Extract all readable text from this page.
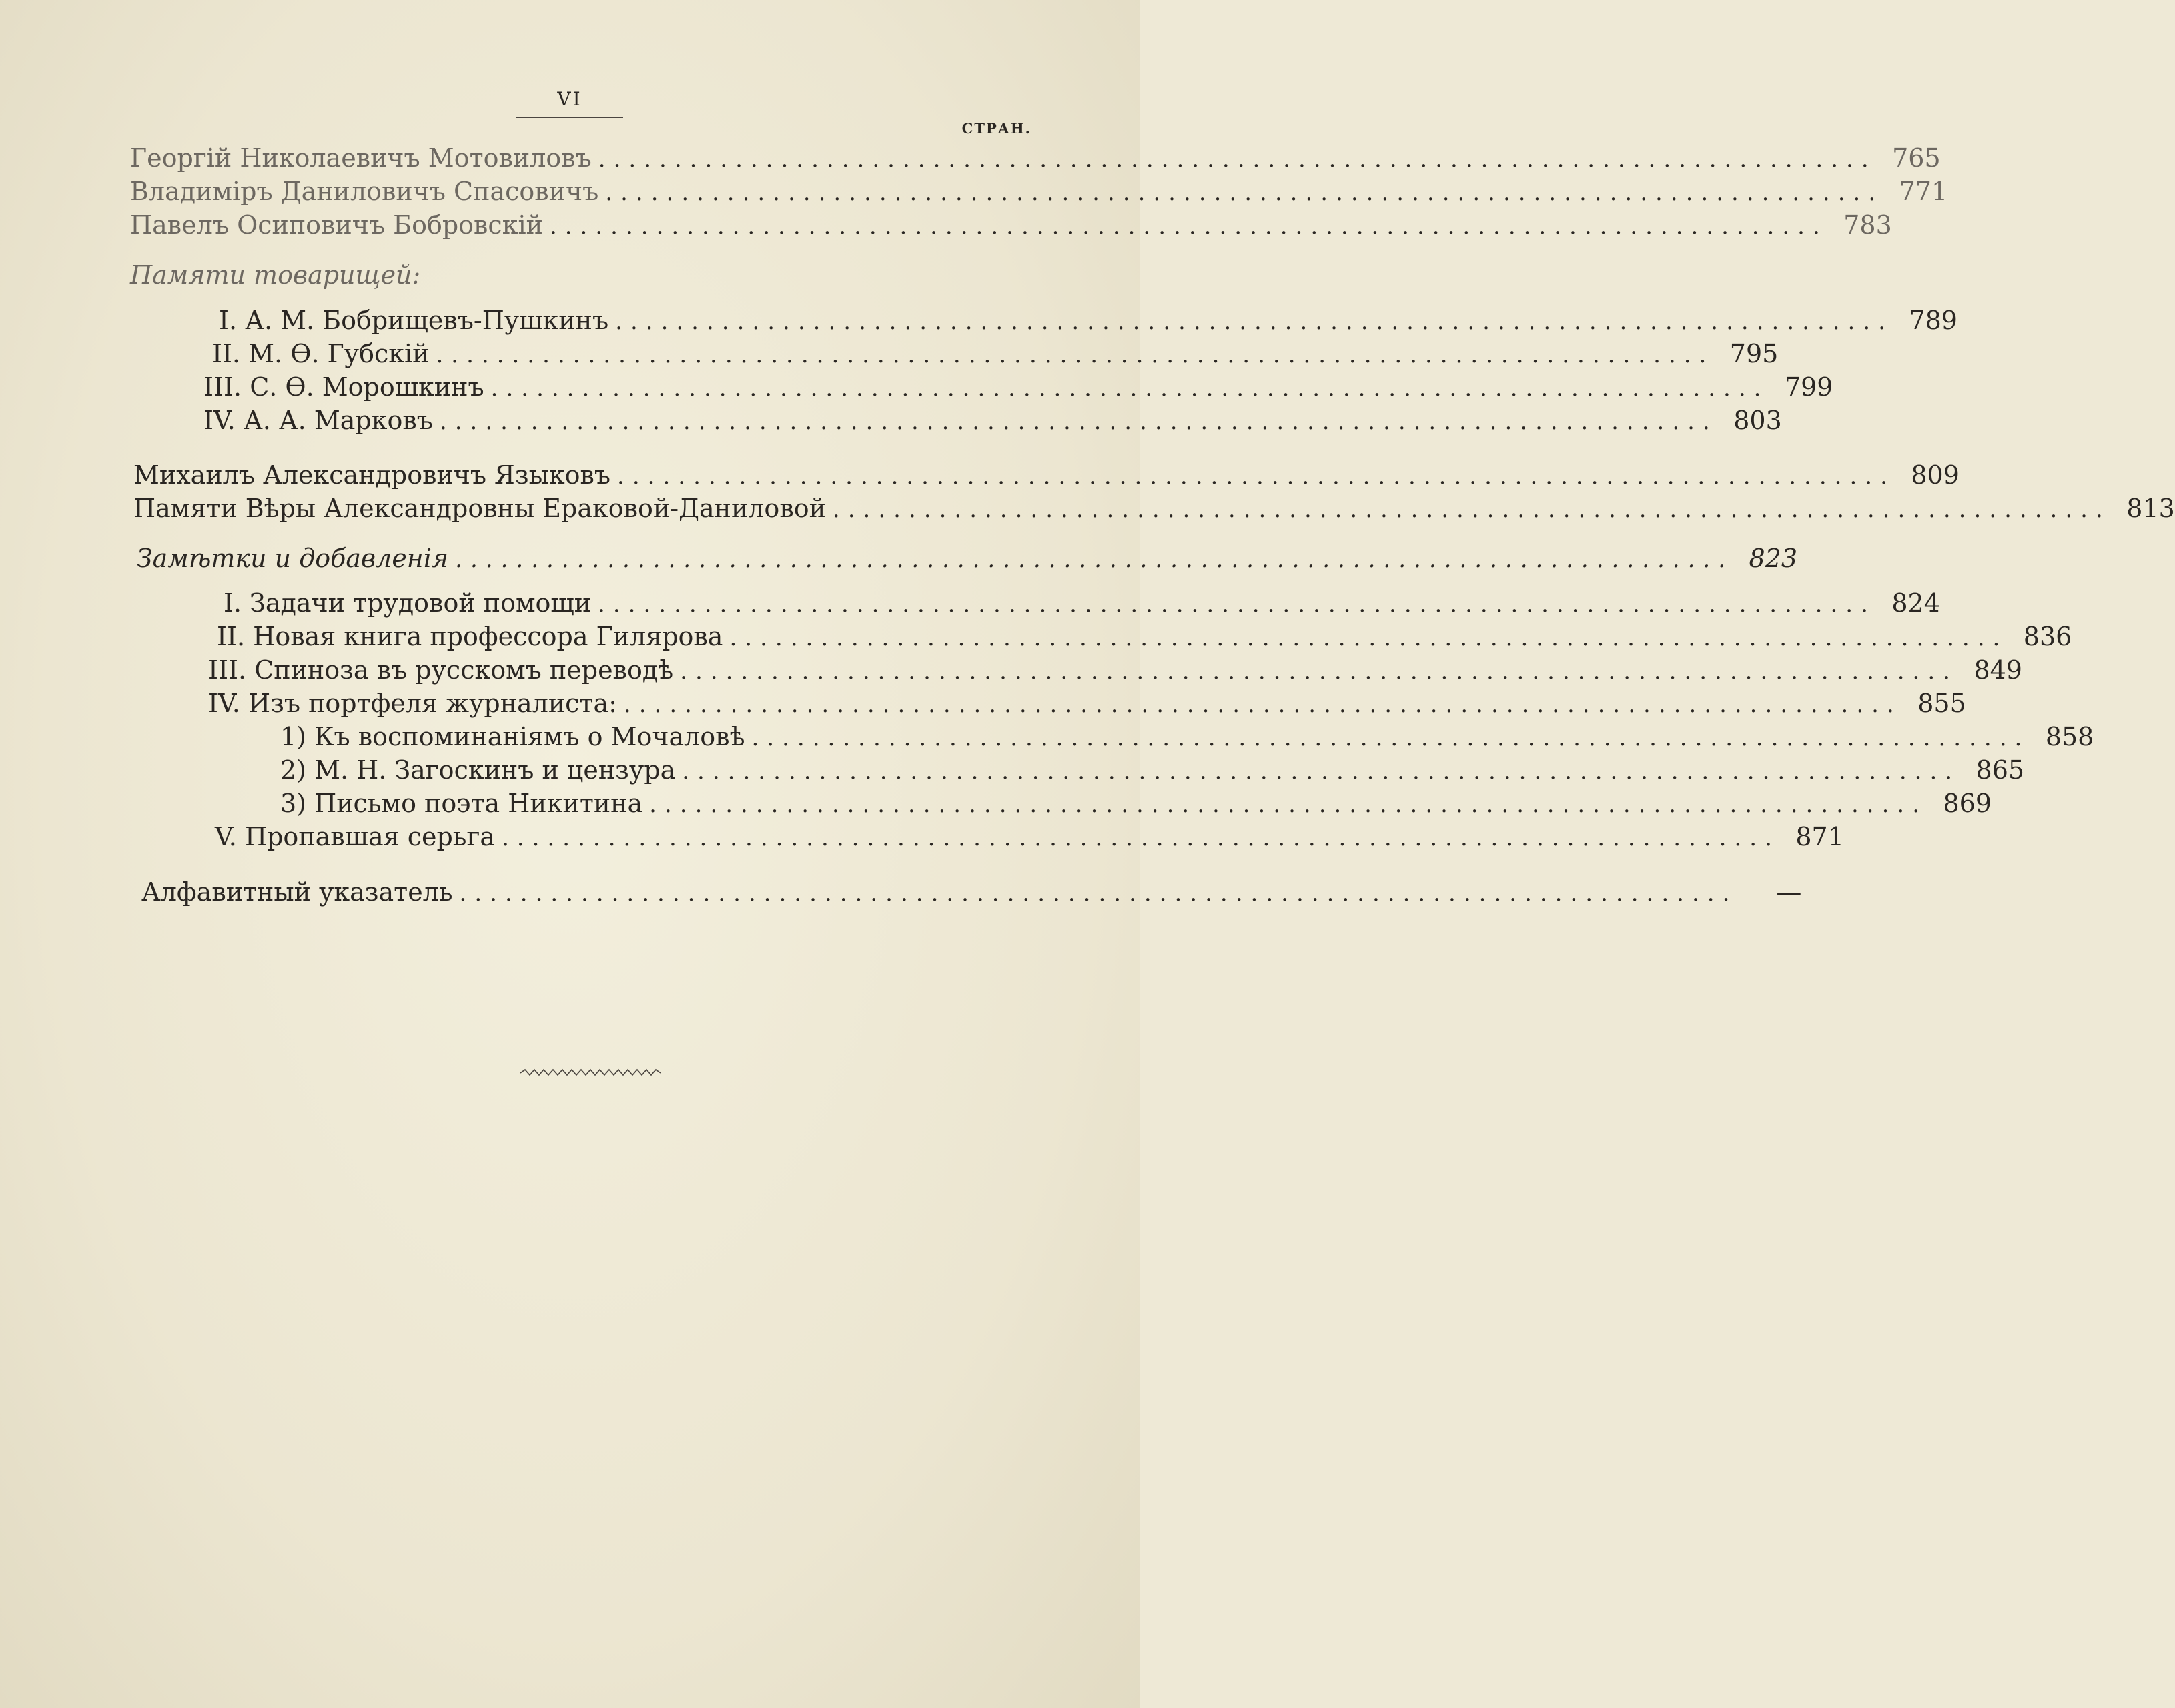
VI
СТРАН.
Георгій Николаевичъ Мотовиловъ .................................................................................... 765
Владиміръ Даниловичъ Спасовичъ .................................................................................... 771
Павелъ Осиповичъ Бобровскій .................................................................................... 783
Памяти товарищей:
I. А. М. Бобрищевъ-Пушкинъ .................................................................................... 789
II. М. Ѳ. Губскій .................................................................................... 795
III. С. Ѳ. Морошкинъ .................................................................................... 799
IV. А. А. Марковъ .................................................................................... 803
Михаилъ Александровичъ Языковъ .................................................................................... 809
Памяти Вѣры Александровны Ераковой-Даниловой .................................................................................... 813
Замѣтки и добавленія .................................................................................... 823
I. Задачи трудовой помощи .................................................................................... 824
II. Новая книга профессора Гилярова .................................................................................... 836
III. Спиноза въ русскомъ переводѣ .................................................................................... 849
IV. Изъ портфеля журналиста: .................................................................................... 855
1) Къ воспоминаніямъ о Мочаловѣ .................................................................................... 858
2) М. Н. Загоскинъ и цензура .................................................................................... 865
3) Письмо поэта Никитина .................................................................................... 869
V. Пропавшая серьга .................................................................................... 871
Алфавитный указатель ....................................................................................	—
